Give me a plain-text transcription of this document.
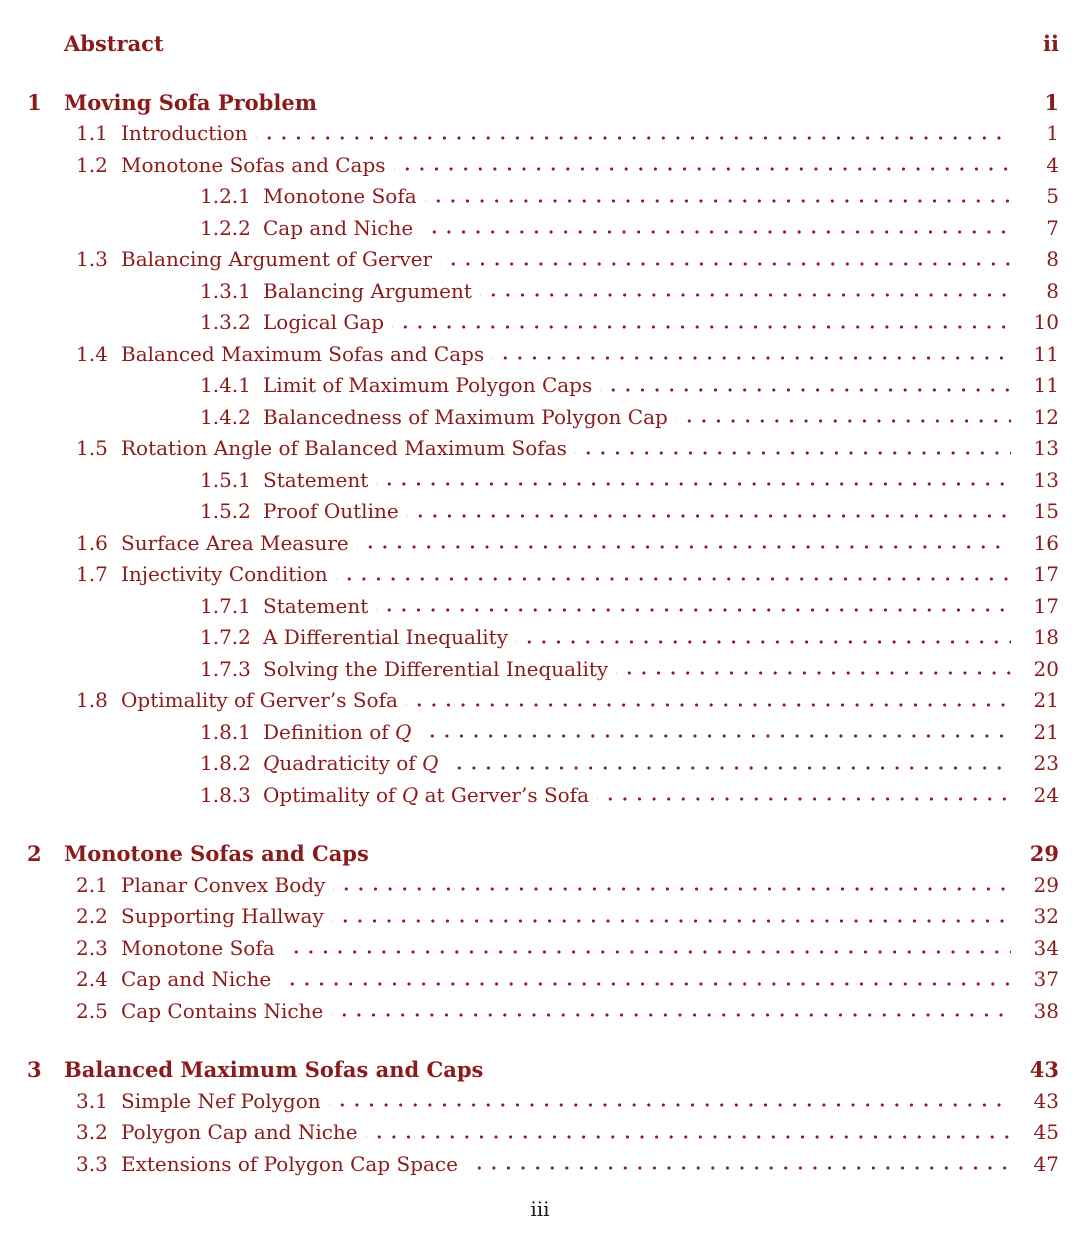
Abstract	ii
1	Moving Sofa Problem	1
1.1 Introduction	1
1.2 Monotone Sofas and Caps	4
1.2.1 Monotone Sofa	5
1.2.2 Cap and Niche	7
1.3 Balancing Argument of Gerver	8
1.3.1 Balancing Argument	8
1.3.2 Logical Gap	10
1.4 Balanced Maximum Sofas and Caps	11
1.4.1 Limit of Maximum Polygon Caps	11
1.4.2 Balancedness of Maximum Polygon Cap	12
1.5 Rotation Angle of Balanced Maximum Sofas	13
1.5.1 Statement	13
1.5.2 Proof Outline	15
1.6 Surface Area Measure	16
1.7 Injectivity Condition	17
1.7.1 Statement	17
1.7.2 A Differential Inequality	18
1.7.3 Solving the Differential Inequality	20
1.8 Optimality of Gerver’s Sofa	21
1.8.1 Definition of Q	21
1.8.2 Quadraticity of Q	23
1.8.3 Optimality of Q at Gerver’s Sofa	24
2	Monotone Sofas and Caps	29
2.1 Planar Convex Body	29
2.2 Supporting Hallway	32
2.3 Monotone Sofa	34
2.4 Cap and Niche	37
2.5 Cap Contains Niche	38
3	Balanced Maximum Sofas and Caps	43
3.1 Simple Nef Polygon	43
3.2 Polygon Cap and Niche	45
3.3 Extensions of Polygon Cap Space	47
iii
